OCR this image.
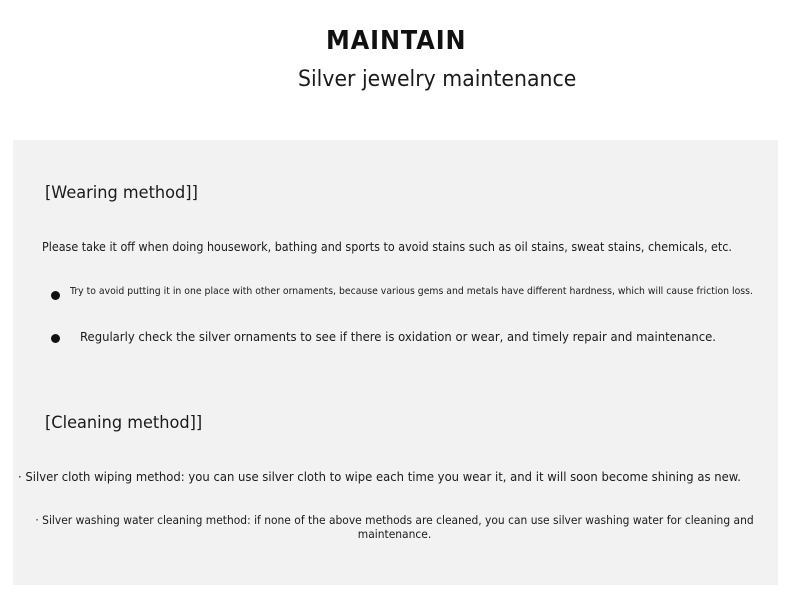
MAINTAIN
Silver jewelry maintenance
[Wearing method]]
Please take it off when doing housework, bathing and sports to avoid stains such as oil stains, sweat stains, chemicals, etc.
Try to avoid putting it in one place with other ornaments, because various gems and metals have different hardness, which will cause friction loss.
Regularly check the silver ornaments to see if there is oxidation or wear, and timely repair and maintenance.
[Cleaning method]]
· Silver cloth wiping method: you can use silver cloth to wipe each time you wear it, and it will soon become shining as new.
· Silver washing water cleaning method: if none of the above methods are cleaned, you can use silver washing water for cleaning and maintenance.
